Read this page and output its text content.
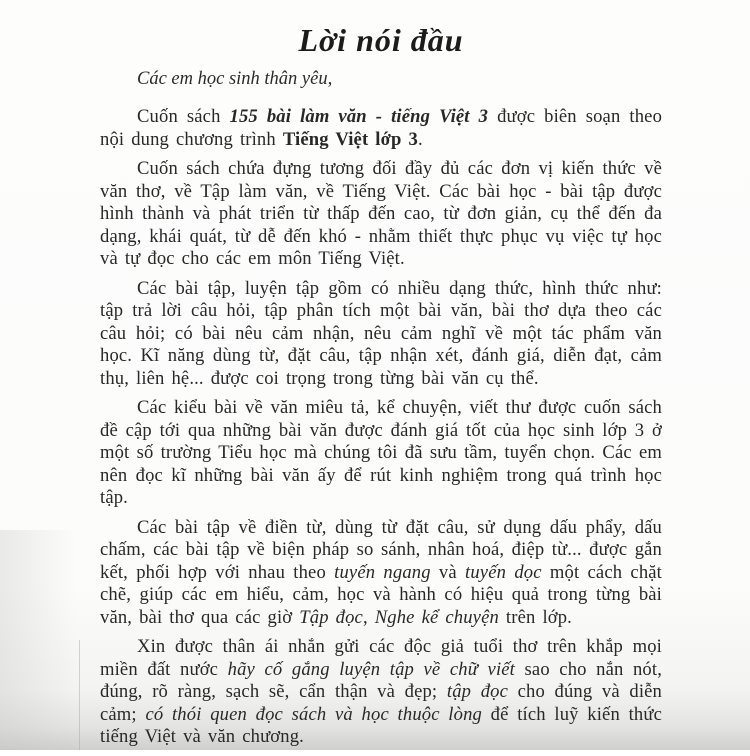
Lời nói đầu

Các em học sinh thân yêu,

Cuốn sách 155 bài làm văn - tiếng Việt 3 được biên soạn theo nội dung chương trình Tiếng Việt lớp 3.

Cuốn sách chứa đựng tương đối đầy đủ các đơn vị kiến thức về văn thơ, về Tập làm văn, về Tiếng Việt. Các bài học - bài tập được hình thành và phát triển từ thấp đến cao, từ đơn giản, cụ thể đến đa dạng, khái quát, từ dễ đến khó - nhằm thiết thực phục vụ việc tự học và tự đọc cho các em môn Tiếng Việt.

Các bài tập, luyện tập gồm có nhiều dạng thức, hình thức như: tập trả lời câu hỏi, tập phân tích một bài văn, bài thơ dựa theo các câu hỏi; có bài nêu cảm nhận, nêu cảm nghĩ về một tác phẩm văn học. Kĩ năng dùng từ, đặt câu, tập nhận xét, đánh giá, diễn đạt, cảm thụ, liên hệ... được coi trọng trong từng bài văn cụ thể.

Các kiểu bài về văn miêu tả, kể chuyện, viết thư được cuốn sách đề cập tới qua những bài văn được đánh giá tốt của học sinh lớp 3 ở một số trường Tiểu học mà chúng tôi đã sưu tầm, tuyển chọn. Các em nên đọc kĩ những bài văn ấy để rút kinh nghiệm trong quá trình học tập.

Các bài tập về điền từ, dùng từ đặt câu, sử dụng dấu phẩy, dấu chấm, các bài tập về biện pháp so sánh, nhân hoá, điệp từ... được gắn kết, phối hợp với nhau theo tuyến ngang và tuyến dọc một cách chặt chẽ, giúp các em hiểu, cảm, học và hành có hiệu quả trong từng bài văn, bài thơ qua các giờ Tập đọc, Nghe kể chuyện trên lớp.

Xin được thân ái nhắn gửi các độc giả tuổi thơ trên khắp mọi miền đất nước hãy cố gắng luyện tập về chữ viết sao cho nắn nót, đúng, rõ ràng, sạch sẽ, cẩn thận và đẹp; tập đọc cho đúng và diễn cảm; có thói quen đọc sách và học thuộc lòng để tích luỹ kiến thức tiếng Việt và văn chương.
